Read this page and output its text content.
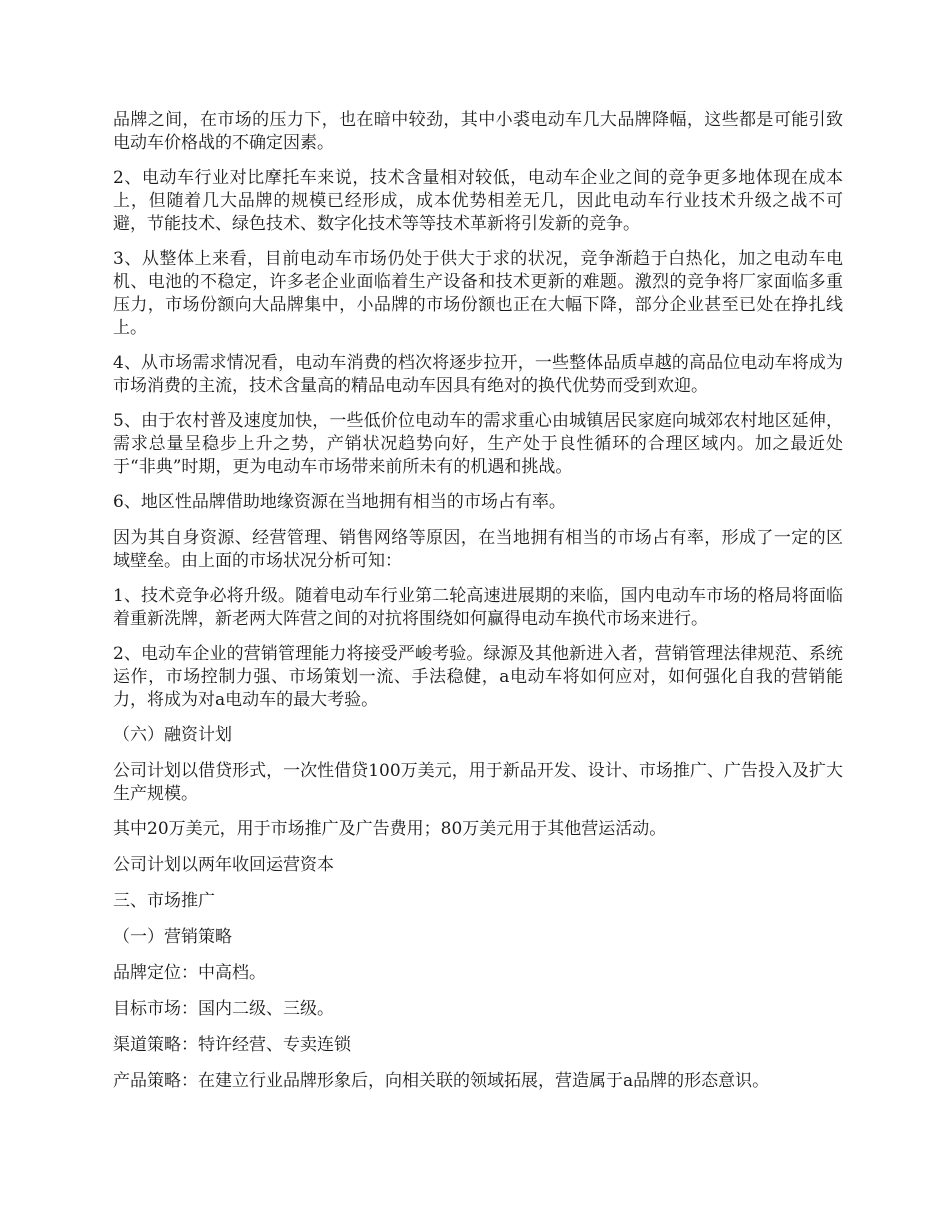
品牌之间，在市场的压力下，也在暗中较劲，其中小裘电动车几大品牌降幅，这些都是可能引致电动车价格战的不确定因素。

2、电动车行业对比摩托车来说，技术含量相对较低，电动车企业之间的竞争更多地体现在成本上，但随着几大品牌的规模已经形成，成本优势相差无几，因此电动车行业技术升级之战不可避，节能技术、绿色技术、数字化技术等等技术革新将引发新的竞争。

3、从整体上来看，目前电动车市场仍处于供大于求的状况，竞争渐趋于白热化，加之电动车电机、电池的不稳定，许多老企业面临着生产设备和技术更新的难题。激烈的竞争将厂家面临多重压力，市场份额向大品牌集中，小品牌的市场份额也正在大幅下降，部分企业甚至已处在挣扎线上。

4、从市场需求情况看，电动车消费的档次将逐步拉开，一些整体品质卓越的高品位电动车将成为市场消费的主流，技术含量高的精品电动车因具有绝对的换代优势而受到欢迎。

5、由于农村普及速度加快，一些低价位电动车的需求重心由城镇居民家庭向城郊农村地区延伸，需求总量呈稳步上升之势，产销状况趋势向好，生产处于良性循环的合理区域内。加之最近处于“非典”时期，更为电动车市场带来前所未有的机遇和挑战。

6、地区性品牌借助地缘资源在当地拥有相当的市场占有率。

因为其自身资源、经营管理、销售网络等原因，在当地拥有相当的市场占有率，形成了一定的区域壁垒。由上面的市场状况分析可知：

1、技术竞争必将升级。随着电动车行业第二轮高速进展期的来临，国内电动车市场的格局将面临着重新洗牌，新老两大阵营之间的对抗将围绕如何赢得电动车换代市场来进行。

2、电动车企业的营销管理能力将接受严峻考验。绿源及其他新进入者，营销管理法律规范、系统运作，市场控制力强、市场策划一流、手法稳健，a电动车将如何应对，如何强化自我的营销能力，将成为对a电动车的最大考验。

（六）融资计划

公司计划以借贷形式，一次性借贷100万美元，用于新品开发、设计、市场推广、广告投入及扩大生产规模。

其中20万美元，用于市场推广及广告费用；80万美元用于其他营运活动。

公司计划以两年收回运营资本

三、市场推广

（一）营销策略

品牌定位：中高档。

目标市场：国内二级、三级。

渠道策略：特许经营、专卖连锁

产品策略：在建立行业品牌形象后，向相关联的领域拓展，营造属于a品牌的形态意识。
